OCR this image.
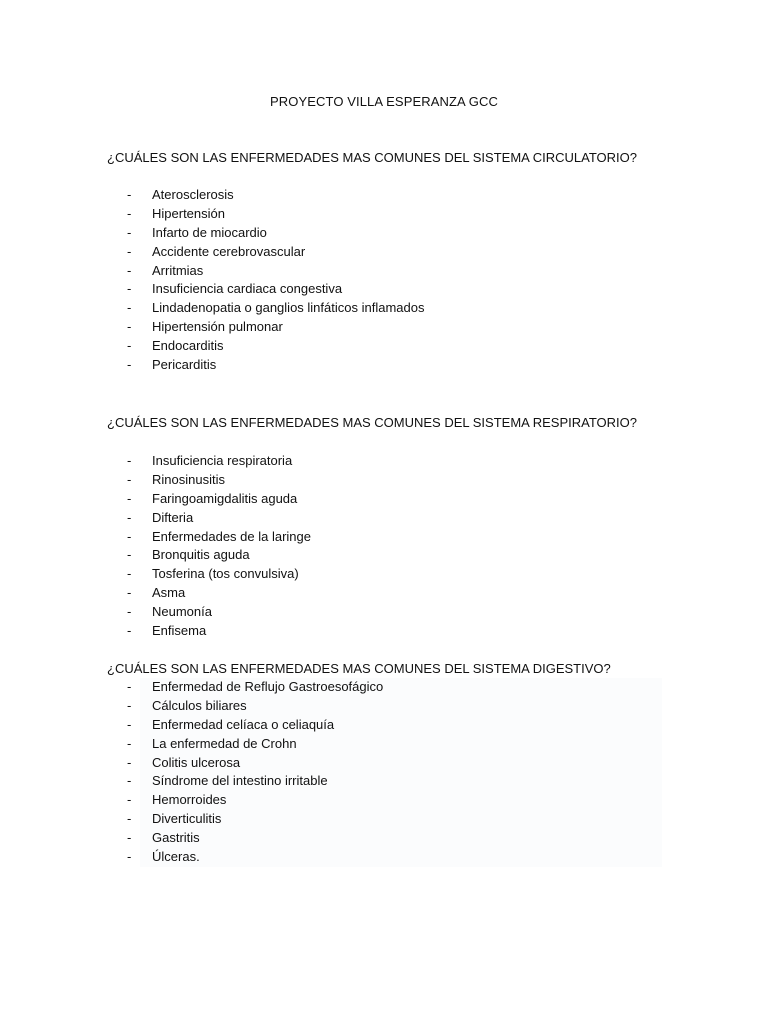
PROYECTO VILLA ESPERANZA GCC
¿CUÁLES SON LAS ENFERMEDADES MAS COMUNES DEL SISTEMA CIRCULATORIO?
-	Aterosclerosis
-	Hipertensión
-	Infarto de miocardio
-	Accidente cerebrovascular
-	Arritmias
-	Insuficiencia cardiaca congestiva
-	Lindadenopatia o ganglios linfáticos inflamados
-	Hipertensión pulmonar
-	Endocarditis
-	Pericarditis
¿CUÁLES SON LAS ENFERMEDADES MAS COMUNES DEL SISTEMA RESPIRATORIO?
-	Insuficiencia respiratoria
-	Rinosinusitis
-	Faringoamigdalitis aguda
-	Difteria
-	Enfermedades de la laringe
-	Bronquitis aguda
-	Tosferina (tos convulsiva)
-	Asma
-	Neumonía
-	Enfisema
¿CUÁLES SON LAS ENFERMEDADES MAS COMUNES DEL SISTEMA DIGESTIVO?
-	Enfermedad de Reflujo Gastroesofágico
-	Cálculos biliares
-	Enfermedad celíaca o celiaquía
-	La enfermedad de Crohn
-	Colitis ulcerosa
-	Síndrome del intestino irritable
-	Hemorroides
-	Diverticulitis
-	Gastritis
-	Úlceras.
